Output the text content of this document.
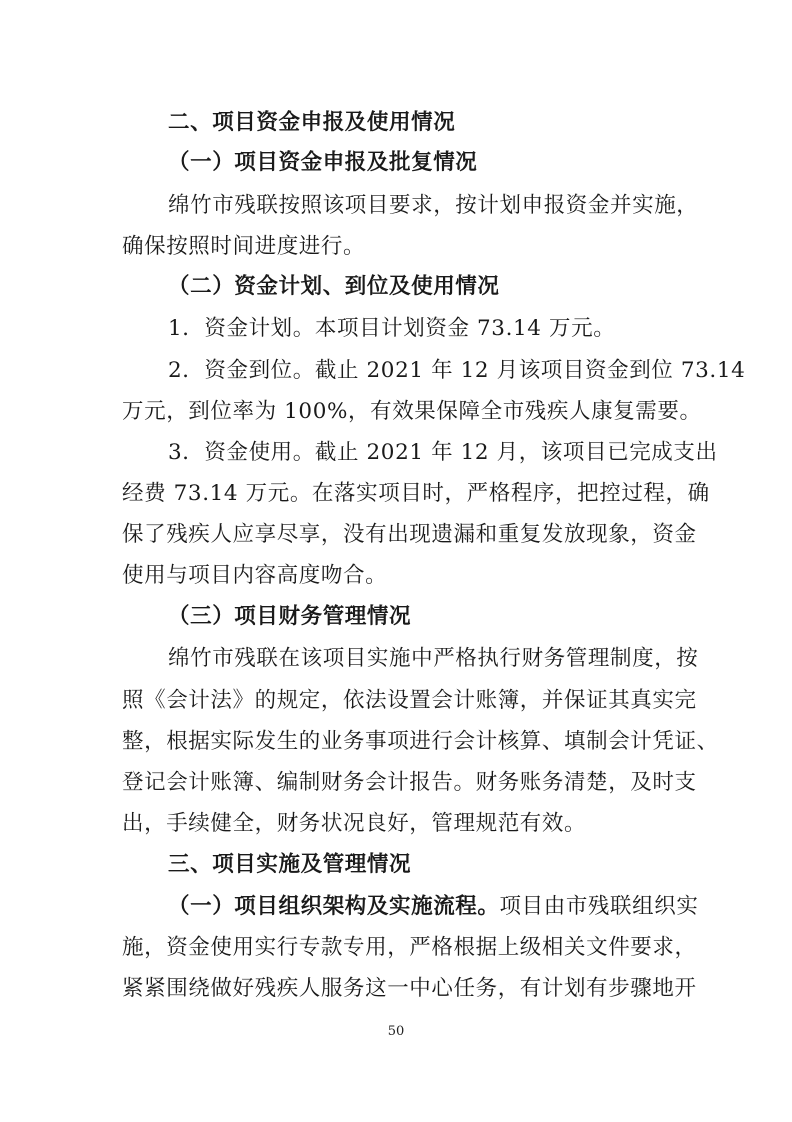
二、项目资金申报及使用情况
（一）项目资金申报及批复情况
绵竹市残联按照该项目要求，按计划申报资金并实施，
确保按照时间进度进行。
（二）资金计划、到位及使用情况
1．资金计划。本项目计划资金 73.14 万元。
2．资金到位。截止 2021 年 12 月该项目资金到位 73.14
万元，到位率为 100%，有效果保障全市残疾人康复需要。
3．资金使用。截止 2021 年 12 月，该项目已完成支出
经费 73.14 万元。在落实项目时，严格程序，把控过程，确
保了残疾人应享尽享，没有出现遗漏和重复发放现象，资金
使用与项目内容高度吻合。
（三）项目财务管理情况
绵竹市残联在该项目实施中严格执行财务管理制度，按
照《会计法》的规定，依法设置会计账簿，并保证其真实完
整，根据实际发生的业务事项进行会计核算、填制会计凭证、
登记会计账簿、编制财务会计报告。财务账务清楚，及时支
出，手续健全，财务状况良好，管理规范有效。
三、项目实施及管理情况
（一）项目组织架构及实施流程。项目由市残联组织实
施，资金使用实行专款专用，严格根据上级相关文件要求，
紧紧围绕做好残疾人服务这一中心任务，有计划有步骤地开
50
